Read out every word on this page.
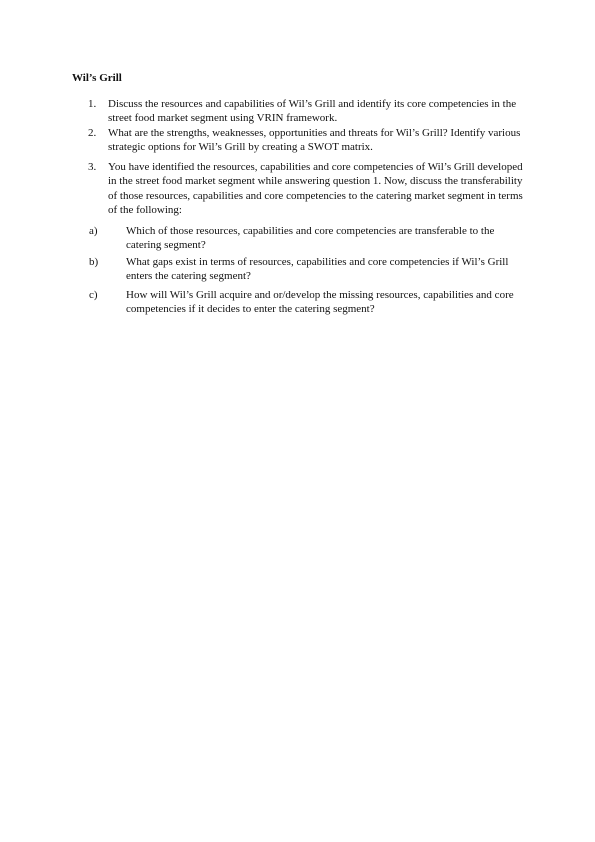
Wil’s Grill
1. Discuss the resources and capabilities of Wil’s Grill and identify its core competencies in the street food market segment using VRIN framework.
2. What are the strengths, weaknesses, opportunities and threats for Wil’s Grill? Identify various strategic options for Wil’s Grill by creating a SWOT matrix.
3. You have identified the resources, capabilities and core competencies of Wil’s Grill developed in the street food market segment while answering question 1. Now, discuss the transferability of those resources, capabilities and core competencies to the catering market segment in terms of the following:
a)	Which of those resources, capabilities and core competencies are transferable to the catering segment?
b)	What gaps exist in terms of resources, capabilities and core competencies if Wil’s Grill enters the catering segment?
c)	How will Wil’s Grill acquire and or/develop the missing resources, capabilities and core competencies if it decides to enter the catering segment?
